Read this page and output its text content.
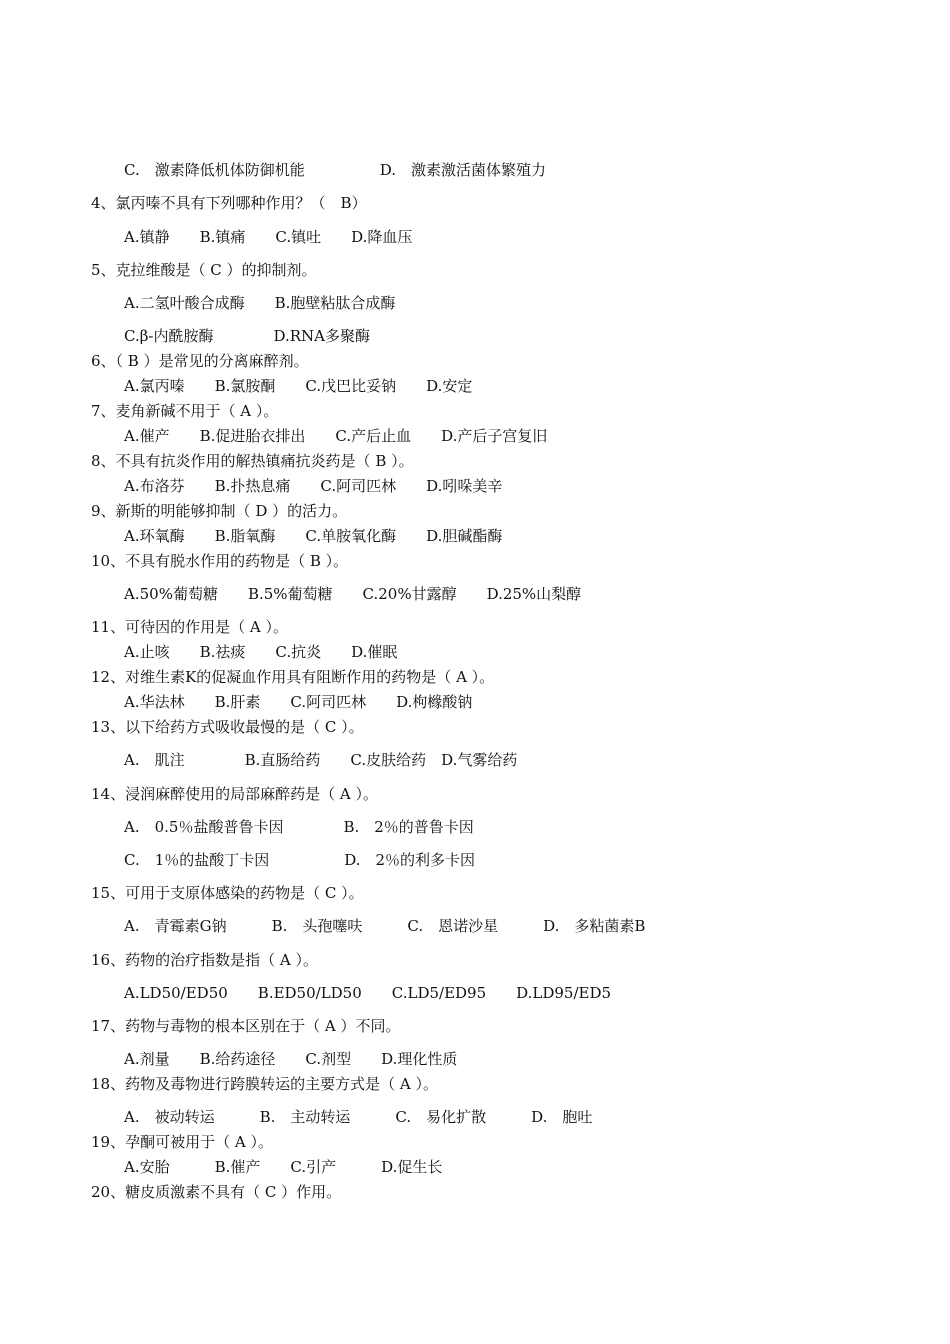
C.　激素降低机体防御机能　　　　　D.　激素激活菌体繁殖力
4、氯丙嗪不具有下列哪种作用？（　B）
A.镇静　　B.镇痛　　C.镇吐　　D.降血压
5、克拉维酸是（ C ）的抑制剂。
A.二氢叶酸合成酶　　B.胞壁粘肽合成酶
C.β-内酰胺酶　　　　D.RNA多聚酶
6、（ B ）是常见的分离麻醉剂。
A.氯丙嗪　　B.氯胺酮　　C.戊巴比妥钠　　D.安定
7、麦角新碱不用于（ A ）。
A.催产　　B.促进胎衣排出　　C.产后止血　　D.产后子宫复旧
8、不具有抗炎作用的解热镇痛抗炎药是（ B ）。
A.布洛芬　　B.扑热息痛　　C.阿司匹林　　D.吲哚美辛
9、新斯的明能够抑制（ D ）的活力。
A.环氧酶　　B.脂氧酶　　C.单胺氧化酶　　D.胆碱酯酶
10、不具有脱水作用的药物是（ B ）。
A.50%葡萄糖　　B.5%葡萄糖　　C.20%甘露醇　　D.25%山梨醇
11、可待因的作用是（ A ）。
A.止咳　　B.祛痰　　C.抗炎　　D.催眠
12、对维生素K的促凝血作用具有阻断作用的药物是（ A ）。
A.华法林　　B.肝素　　C.阿司匹林　　D.枸橼酸钠
13、以下给药方式吸收最慢的是（ C ）。
A.　肌注　　　　B.直肠给药　　C.皮肤给药　D.气雾给药
14、浸润麻醉使用的局部麻醉药是（ A ）。
A.　0.5％盐酸普鲁卡因　　　　B.　2％的普鲁卡因
C.　1％的盐酸丁卡因　　　　　D.　2％的利多卡因
15、可用于支原体感染的药物是（ C ）。
A.　青霉素G钠　　　B.　头孢噻呋　　　C.　恩诺沙星　　　D.　多粘菌素B
16、药物的治疗指数是指（ A ）。
A.LD50/ED50　　B.ED50/LD50　　C.LD5/ED95　　D.LD95/ED5
17、药物与毒物的根本区别在于（ A ）不同。
A.剂量　　B.给药途径　　C.剂型　　D.理化性质
18、药物及毒物进行跨膜转运的主要方式是（ A ）。
A.　被动转运　　　B.　主动转运　　　C.　易化扩散　　　D.　胞吐
19、孕酮可被用于（ A ）。
A.安胎　　　B.催产　　C.引产　　　D.促生长
20、糖皮质激素不具有（ C ）作用。
